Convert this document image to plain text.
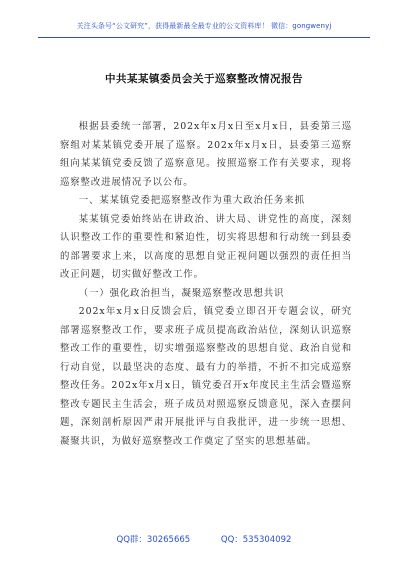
关注头条号“公文研究”，获得最新最全最专业的公文资料库！ 微信：gongwenyj
中共某某镇委员会关于巡察整改情况报告

根据县委统一部署，202x年x月x日至x月x日，县委第三巡察组对某某镇党委开展了巡察。202x年x月x日，县委第三巡察组向某某镇党委反馈了巡察意见。按照巡察工作有关要求，现将巡察整改进展情况予以公布。

一、某某镇党委把巡察整改作为重大政治任务来抓

某某镇党委始终站在讲政治、讲大局、讲党性的高度，深刻认识整改工作的重要性和紧迫性，切实将思想和行动统一到县委的部署要求上来，以高度的思想自觉正视问题以强烈的责任担当改正问题，切实做好整改工作。

（一）强化政治担当，凝聚巡察整改思想共识

202x年x月x日反馈会后，镇党委立即召开专题会议，研究部署巡察整改工作，要求班子成员提高政治站位，深刻认识巡察整改工作的重要性，切实增强巡察整改的思想自觉、政治自觉和行动自觉，以最坚决的态度、最有力的举措，不折不扣完成巡察整改任务。202x年x月x日，镇党委召开x年度民主生活会暨巡察整改专题民主生活会，班子成员对照巡察反馈意见，深入查摆问题，深刻剖析原因严肃开展批评与自我批评，进一步统一思想、凝聚共识，为做好巡察整改工作奠定了坚实的思想基础。

QQ群：30265665	QQ：535304092
